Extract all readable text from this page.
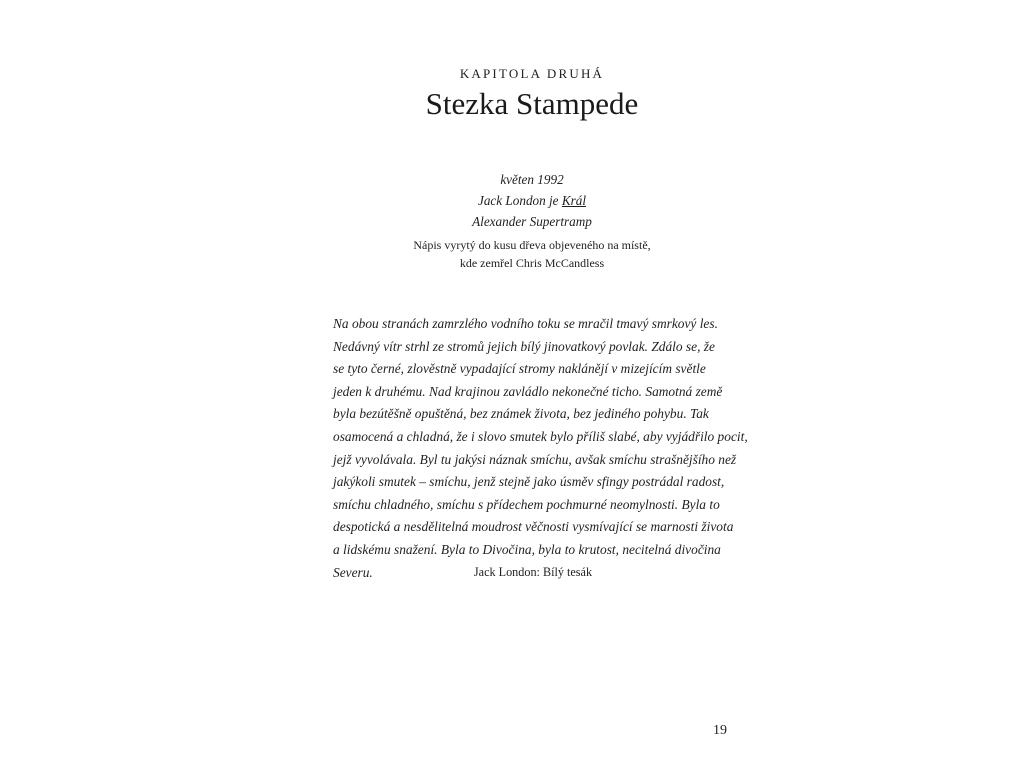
KAPITOLA DRUHÁ
Stezka Stampede
květen 1992
Jack London je Král
Alexander Supertramp
Nápis vyrytý do kusu dřeva objeveného na místě,
kde zemřel Chris McCandless
Na obou stranách zamrzlého vodního toku se mračil tmavý smrkový les.
Nedávný vítr strhl ze stromů jejich bílý jinovatkový povlak. Zdálo se, že
se tyto černé, zlověstně vypadající stromy naklánějí v mizejícím světle
jeden k druhému. Nad krajinou zavládlo nekonečné ticho. Samotná země
byla bezútěšně opuštěná, bez známek života, bez jediného pohybu. Tak
osamocená a chladná, že i slovo smutek bylo příliš slabé, aby vyjádřilo pocit,
jejž vyvolávala. Byl tu jakýsi náznak smíchu, avšak smíchu strašnějšího než
jakýkoli smutek – smíchu, jenž stejně jako úsměv sfingy postrádal radost,
smíchu chladného, smíchu s přídechem pochmurné neomylnosti. Byla to
despotická a nesdělitelná moudrost věčnosti vysmívající se marnosti života
a lidskému snažení. Byla to Divočina, byla to krutost, necitelná divočina
Severu.	Jack London: Bílý tesák
19
